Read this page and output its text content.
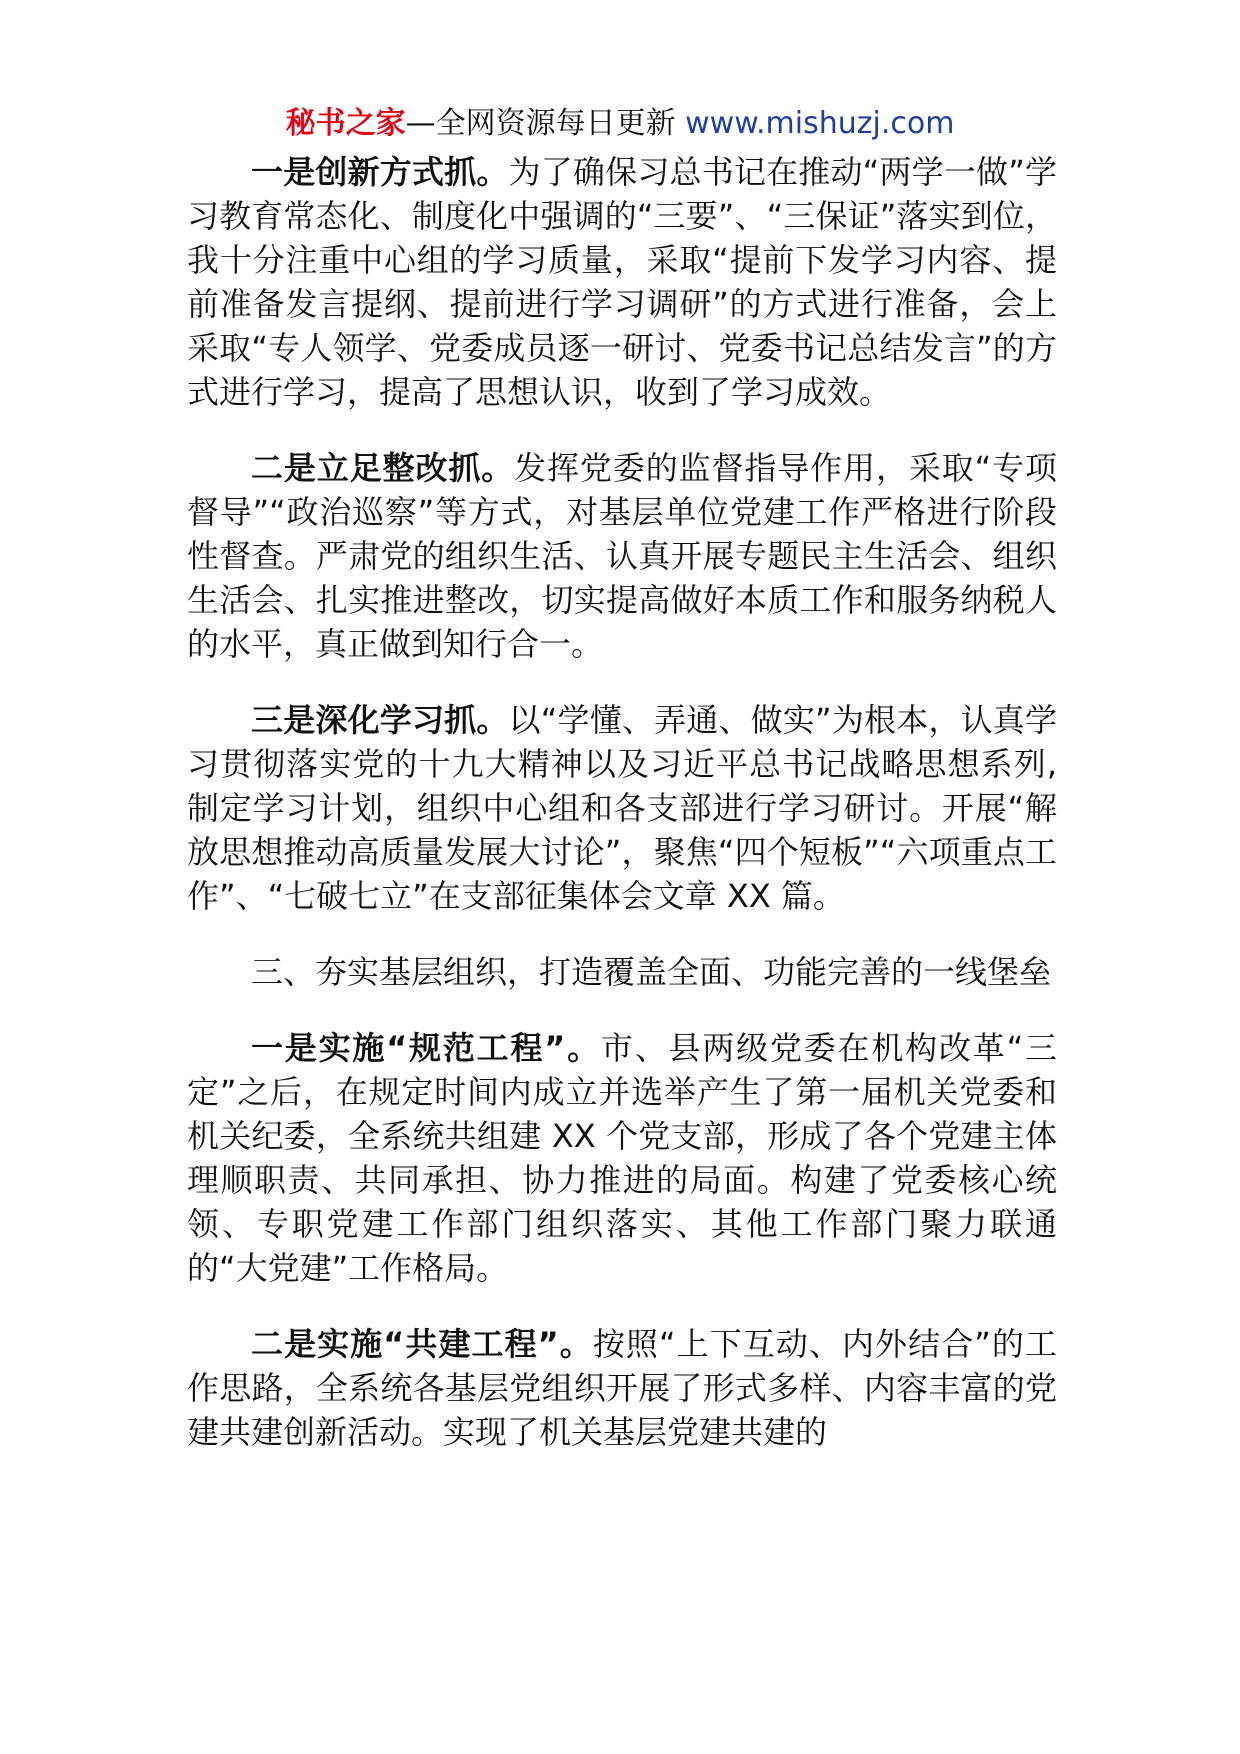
秘书之家—全网资源每日更新 www.mishuzj.com

一是创新方式抓。为了确保习总书记在推动“两学一做”学习教育常态化、制度化中强调的“三要”、“三保证”落实到位，我十分注重中心组的学习质量，采取“提前下发学习内容、提前准备发言提纲、提前进行学习调研”的方式进行准备，会上采取“专人领学、党委成员逐一研讨、党委书记总结发言”的方式进行学习，提高了思想认识，收到了学习成效。

二是立足整改抓。发挥党委的监督指导作用，采取“专项督导”“政治巡察”等方式，对基层单位党建工作严格进行阶段性督查。严肃党的组织生活、认真开展专题民主生活会、组织生活会、扎实推进整改，切实提高做好本质工作和服务纳税人的水平，真正做到知行合一。

三是深化学习抓。以“学懂、弄通、做实”为根本，认真学习贯彻落实党的十九大精神以及习近平总书记战略思想系列,制定学习计划，组织中心组和各支部进行学习研讨。开展“解放思想推动高质量发展大讨论”，聚焦“四个短板”“六项重点工作”、“七破七立”在支部征集体会文章 XX 篇。

三、夯实基层组织，打造覆盖全面、功能完善的一线堡垒

一是实施“规范工程”。市、县两级党委在机构改革“三定”之后，在规定时间内成立并选举产生了第一届机关党委和机关纪委，全系统共组建 XX 个党支部，形成了各个党建主体理顺职责、共同承担、协力推进的局面。构建了党委核心统领、专职党建工作部门组织落实、其他工作部门聚力联通的“大党建”工作格局。

二是实施“共建工程”。按照“上下互动、内外结合”的工作思路，全系统各基层党组织开展了形式多样、内容丰富的党建共建创新活动。实现了机关基层党建共建的
